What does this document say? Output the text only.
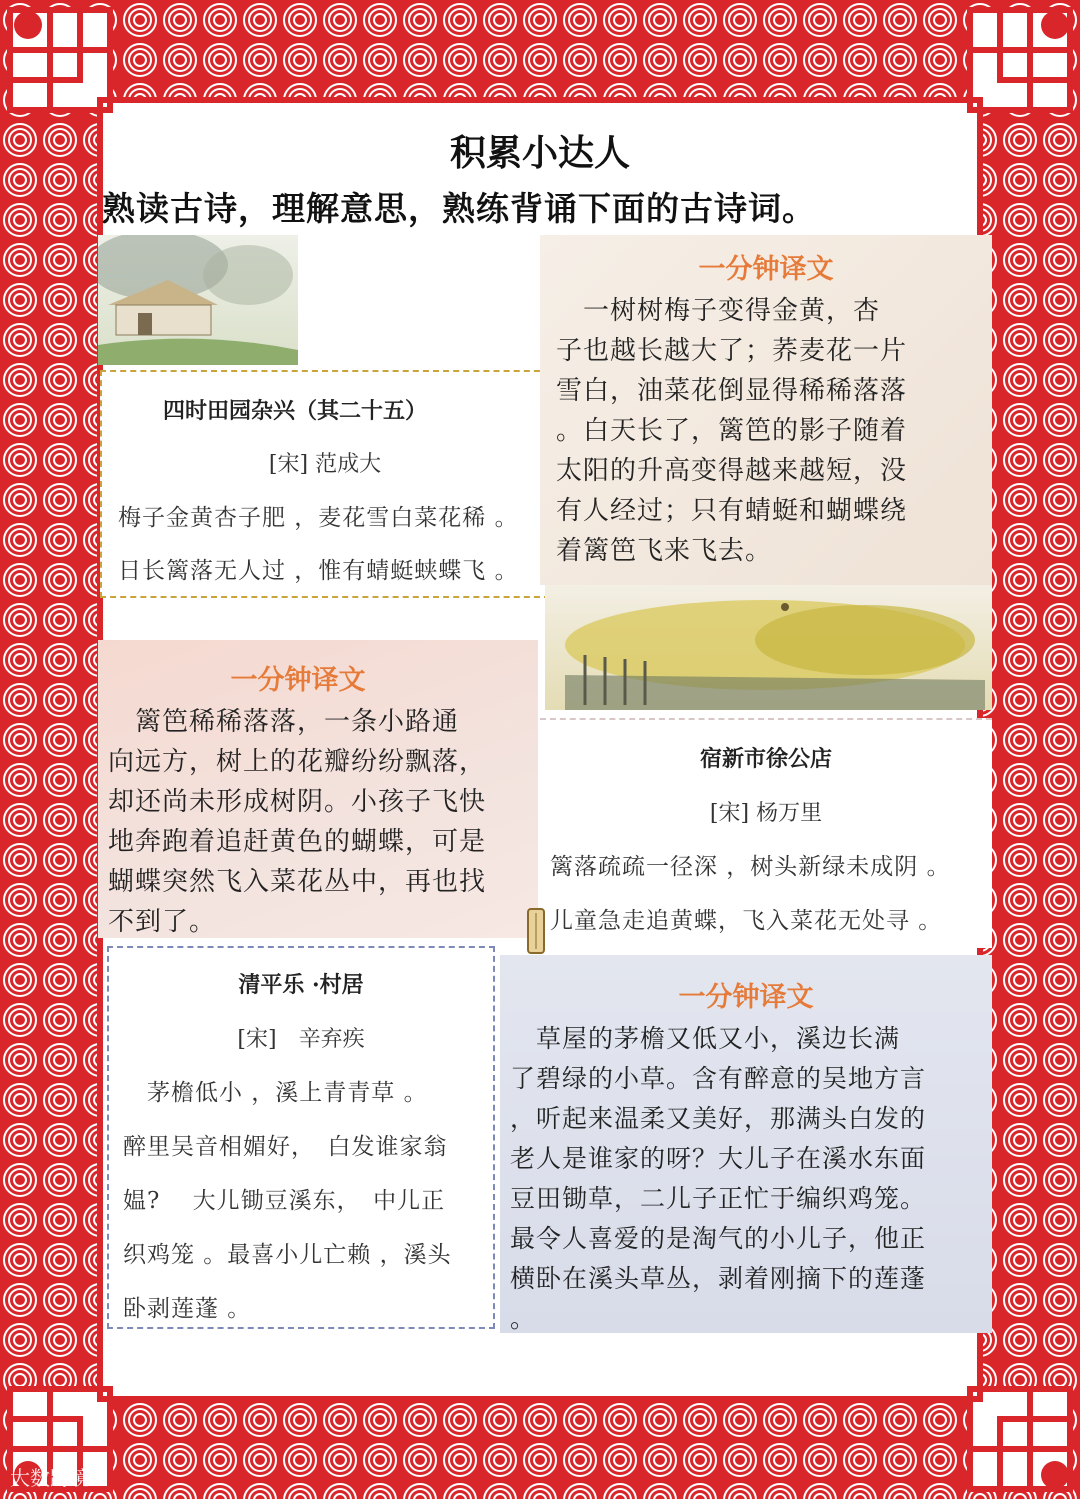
积累小达人
熟读古诗，理解意思，熟练背诵下面的古诗词。
四时田园杂兴（其二十五）
[宋] 范成大
梅子金黄杏子肥 ，麦花雪白菜花稀 。
日长篱落无人过 ，惟有蜻蜓蛱蝶飞 。
一分钟译文
　一树树梅子变得金黄，杏
子也越长越大了；荞麦花一片
雪白，油菜花倒显得稀稀落落
。白天长了，篱笆的影子随着
太阳的升高变得越来越短，没
有人经过；只有蜻蜓和蝴蝶绕
着篱笆飞来飞去。
一分钟译文
　篱笆稀稀落落，一条小路通
向远方，树上的花瓣纷纷飘落，
却还尚未形成树阴。小孩子飞快
地奔跑着追赶黄色的蝴蝶，可是
蝴蝶突然飞入菜花丛中，再也找
不到了。
宿新市徐公店
[宋] 杨万里
篱落疏疏一径深 ，树头新绿未成阴 。
儿童急走追黄蝶，飞入菜花无处寻 。
清平乐 ·村居
[宋]　辛弃疾
　茅檐低小 ，溪上青青草 。
醉里吴音相媚好，　白发谁家翁
媪?　 大儿锄豆溪东，　中儿正
织鸡笼 。最喜小儿亡赖 ，溪头
卧剥莲蓬 。
一分钟译文
　草屋的茅檐又低又小，溪边长满
了碧绿的小草。含有醉意的吴地方言
，听起来温柔又美好，那满头白发的
老人是谁家的呀？大儿子在溪水东面
豆田锄草，二儿子正忙于编织鸡笼。
最令人喜爱的是淘气的小儿子，他正
横卧在溪头草丛，剥着刚摘下的莲蓬
。
大数跨境
